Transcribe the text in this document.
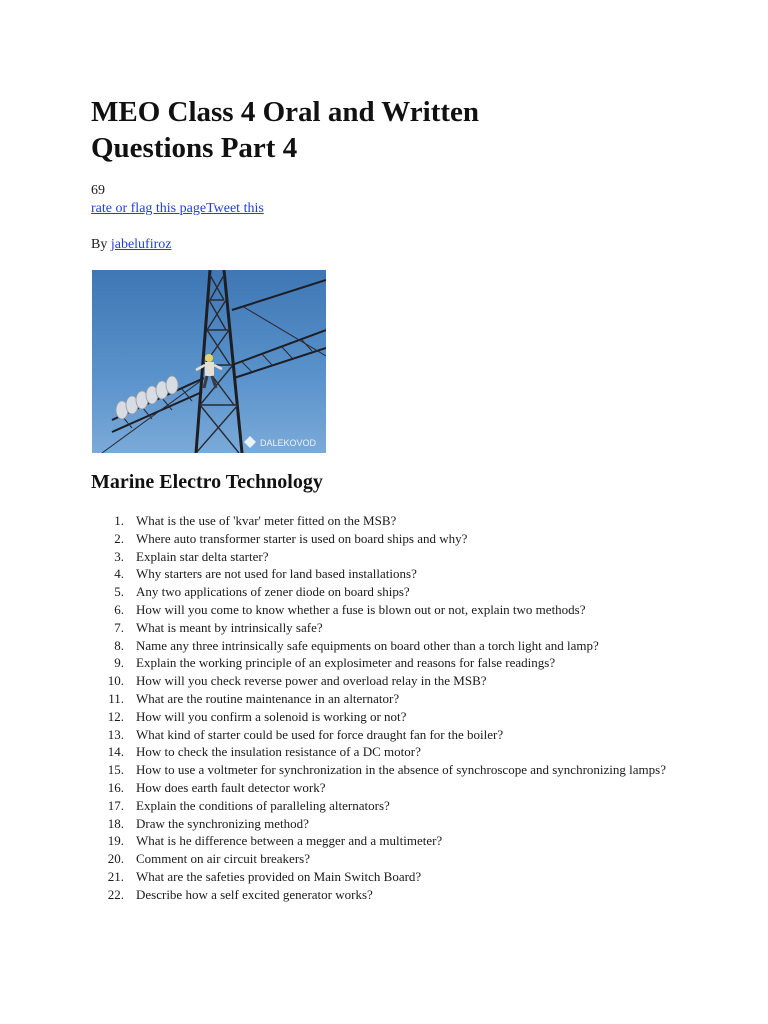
MEO Class 4 Oral and Written Questions Part 4
69
rate or flag this pageTweet this
By jabelufiroz
DALEKOVOD
Marine Electro Technology
1. What is the use of 'kvar' meter fitted on the MSB?
2. Where auto transformer starter is used on board ships and why?
3. Explain star delta starter?
4. Why starters are not used for land based installations?
5. Any two applications of zener diode on board ships?
6. How will you come to know whether a fuse is blown out or not, explain two methods?
7. What is meant by intrinsically safe?
8. Name any three intrinsically safe equipments on board other than a torch light and lamp?
9. Explain the working principle of an explosimeter and reasons for false readings?
10. How will you check reverse power and overload relay in the MSB?
11. What are the routine maintenance in an alternator?
12. How will you confirm a solenoid is working or not?
13. What kind of starter could be used for force draught fan for the boiler?
14. How to check the insulation resistance of a DC motor?
15. How to use a voltmeter for synchronization in the absence of synchroscope and synchronizing lamps?
16. How does earth fault detector work?
17. Explain the conditions of paralleling alternators?
18. Draw the synchronizing method?
19. What is he difference between a megger and a multimeter?
20. Comment on air circuit breakers?
21. What are the safeties provided on Main Switch Board?
22. Describe how a self excited generator works?
